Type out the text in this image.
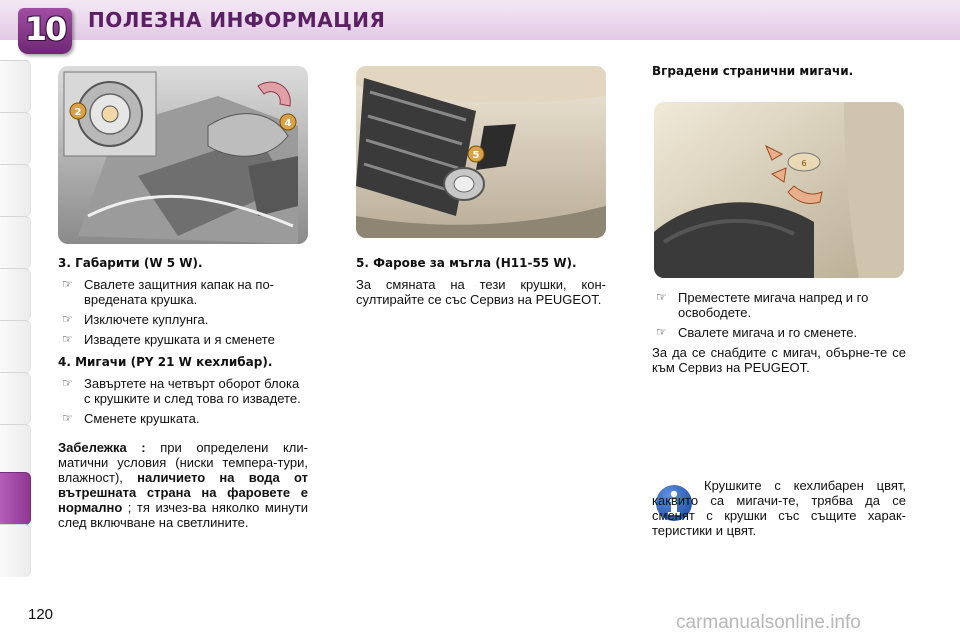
10	ПОЛЕЗНА ИНФОРМАЦИЯ
2
4
5
6

3. Габарити (W 5 W).

☞ Свалете защитния капак на по-вредената крушка.
☞ Изключете куплунга.
☞ Извадете крушката и я сменете

4. Мигачи (PY 21 W кехлибар).

☞ Завъртете на четвърт оборот блока с крушките и след това го извадете.
☞ Сменете крушката.

Забележка : при определени кли-матични условия (ниски темпера-тури, влажност), наличието на вода от вътрешната страна на фаровете е нормално ; тя изчез-ва няколко минути след включване на светлините.

5. Фарове за мъгла (H11-55 W).

За смяната на тези крушки, кон-султирайте се със Сервиз на PEUGEOT.

Вградени странични мигачи.

☞ Преместете мигача напред и го освободете.
☞ Свалете мигача и го сменете.

За да се снабдите с мигач, обърне-те се към Сервиз на PEUGEOT.

Крушките с кехлибарен цвят, каквито са мигачи-те, трябва да се сменят с крушки със същите харак-теристики и цвят.
120	carmanualsonline.info
